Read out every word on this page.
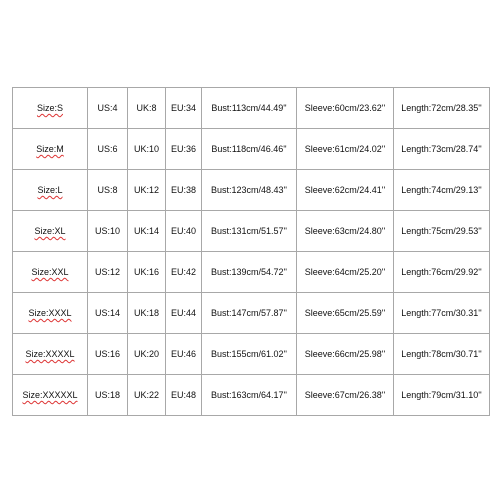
Size:S	US:4	UK:8	EU:34	Bust:113cm/44.49''	Sleeve:60cm/23.62''	Length:72cm/28.35''
Size:M	US:6	UK:10	EU:36	Bust:118cm/46.46''	Sleeve:61cm/24.02''	Length:73cm/28.74''
Size:L	US:8	UK:12	EU:38	Bust:123cm/48.43''	Sleeve:62cm/24.41''	Length:74cm/29.13''
Size:XL	US:10	UK:14	EU:40	Bust:131cm/51.57''	Sleeve:63cm/24.80''	Length:75cm/29.53''
Size:XXL	US:12	UK:16	EU:42	Bust:139cm/54.72''	Sleeve:64cm/25.20''	Length:76cm/29.92''
Size:XXXL	US:14	UK:18	EU:44	Bust:147cm/57.87''	Sleeve:65cm/25.59''	Length:77cm/30.31''
Size:XXXXL	US:16	UK:20	EU:46	Bust:155cm/61.02''	Sleeve:66cm/25.98''	Length:78cm/30.71''
Size:XXXXXL	US:18	UK:22	EU:48	Bust:163cm/64.17''	Sleeve:67cm/26.38''	Length:79cm/31.10''
